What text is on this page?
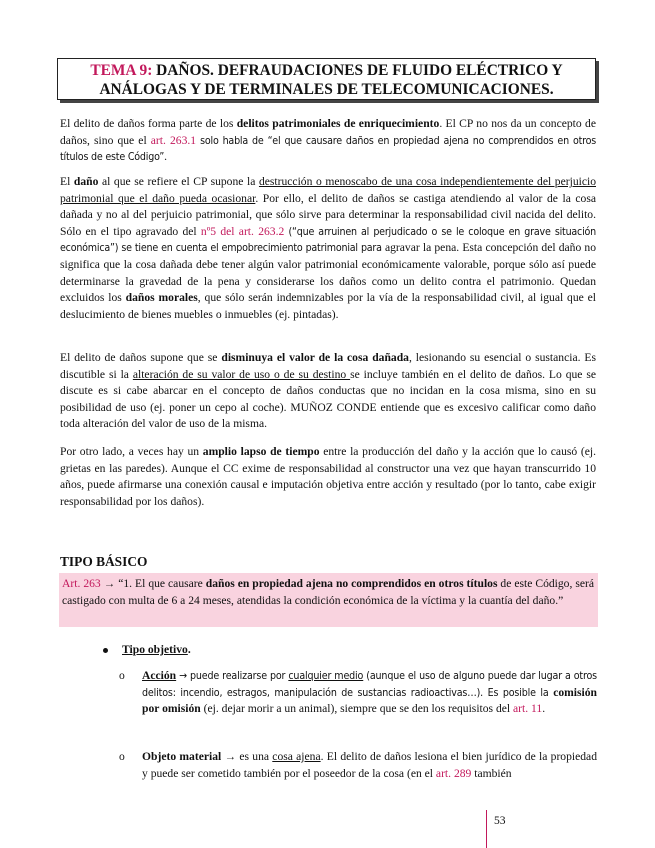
TEMA 9: DAÑOS. DEFRAUDACIONES DE FLUIDO ELÉCTRICO Y
ANÁLOGAS Y DE TERMINALES DE TELECOMUNICACIONES.
El delito de daños forma parte de los delitos patrimoniales de enriquecimiento. El CP no nos da un concepto de daños, sino que el art. 263.1 solo habla de “el que causare daños en propiedad ajena no comprendidos en otros títulos de este Código”.
El daño al que se refiere el CP supone la destrucción o menoscabo de una cosa independientemente del perjuicio patrimonial que el daño pueda ocasionar. Por ello, el delito de daños se castiga atendiendo al valor de la cosa dañada y no al del perjuicio patrimonial, que sólo sirve para determinar la responsabilidad civil nacida del delito. Sólo en el tipo agravado del nº5 del art. 263.2 (“que arruinen al perjudicado o se le coloque en grave situación económica”) se tiene en cuenta el empobrecimiento patrimonial para agravar la pena. Esta concepción del daño no significa que la cosa dañada debe tener algún valor patrimonial económicamente valorable, porque sólo así puede determinarse la gravedad de la pena y considerarse los daños como un delito contra el patrimonio. Quedan excluidos los daños morales, que sólo serán indemnizables por la vía de la responsabilidad civil, al igual que el deslucimiento de bienes muebles o inmuebles (ej. pintadas).
El delito de daños supone que se disminuya el valor de la cosa dañada, lesionando su esencial o sustancia. Es discutible si la alteración de su valor de uso o de su destino se incluye también en el delito de daños. Lo que se discute es si cabe abarcar en el concepto de daños conductas que no incidan en la cosa misma, sino en su posibilidad de uso (ej. poner un cepo al coche). MUÑOZ CONDE entiende que es excesivo calificar como daño toda alteración del valor de uso de la misma.
Por otro lado, a veces hay un amplio lapso de tiempo entre la producción del daño y la acción que lo causó (ej. grietas en las paredes). Aunque el CC exime de responsabilidad al constructor una vez que hayan transcurrido 10 años, puede afirmarse una conexión causal e imputación objetiva entre acción y resultado (por lo tanto, cabe exigir responsabilidad por los daños).
TIPO BÁSICO
Art. 263 → “1. El que causare daños en propiedad ajena no comprendidos en otros títulos de este Código, será castigado con multa de 6 a 24 meses, atendidas la condición económica de la víctima y la cuantía del daño.”
Tipo objetivo.
o Acción → puede realizarse por cualquier medio (aunque el uso de alguno puede dar lugar a otros delitos: incendio, estragos, manipulación de sustancias radioactivas…). Es posible la comisión por omisión (ej. dejar morir a un animal), siempre que se den los requisitos del art. 11.
o Objeto material → es una cosa ajena. El delito de daños lesiona el bien jurídico de la propiedad y puede ser cometido también por el poseedor de la cosa (en el art. 289 también
53
